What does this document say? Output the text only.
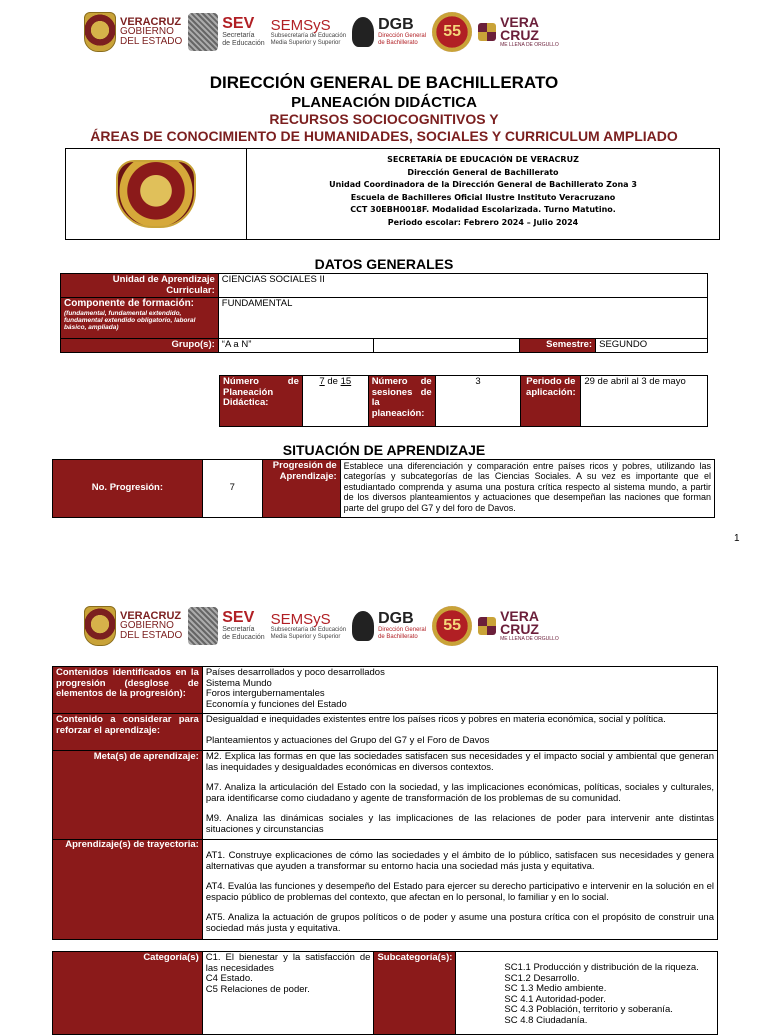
VERACRUZ
GOBIERNO
DEL ESTADO
SEV
Secretaría
de Educación
SEMSyS
Subsecretaría de Educación
Media Superior y Superior
DGB
Dirección General
de Bachillerato
55
VERA
CRUZ
ME LLENA DE ORGULLO
DIRECCIÓN GENERAL DE BACHILLERATO
PLANEACIÓN DIDÁCTICA
RECURSOS SOCIOCOGNITIVOS Y
ÁREAS DE CONOCIMIENTO DE HUMANIDADES, SOCIALES Y CURRICULUM AMPLIADO
SECRETARÍA DE EDUCACIÓN DE VERACRUZ
Dirección General de Bachillerato
Unidad Coordinadora de la Dirección General de Bachillerato Zona 3
Escuela de Bachilleres Oficial Ilustre Instituto Veracruzano
CCT 30EBH0018F. Modalidad Escolarizada. Turno Matutino.
Periodo escolar: Febrero 2024 – Julio 2024
DATOS GENERALES
Unidad de Aprendizaje Curricular:	CIENCIAS SOCIALES II			

Componente de formación:
(fundamental, fundamental extendido, fundamental extendido obligatorio, laboral básico, ampliada)	FUNDAMENTAL			
Grupo(s):	“A a N”		Semestre:	SEGUNDO
Número de Planeación Didáctica:	7 de 15	Número de sesiones de la planeación:	3	Periodo de aplicación:	29 de abril al 3 de mayo
SITUACIÓN DE APRENDIZAJE
No. Progresión:	7	Progresión de Aprendizaje:	Establece una diferenciación y comparación entre países ricos y pobres, utilizando las categorías y subcategorías de las Ciencias Sociales. A su vez es importante que el estudiantado comprenda y asuma una postura crítica respecto al sistema mundo, a partir de los diversos planteamientos y actuaciones que desempeñan las naciones que forman parte del grupo del G7 y del foro de Davos.
1
VERACRUZ
GOBIERNO
DEL ESTADO
SEV
Secretaría
de Educación
SEMSyS
Subsecretaría de Educación
Media Superior y Superior
DGB
Dirección General
de Bachillerato
55
VERA
CRUZ
ME LLENA DE ORGULLO
Contenidos identificados en la progresión (desglose de elementos de la progresión):	Países desarrollados y poco desarrollados
Sistema Mundo
Foros intergubernamentales
Economía y funciones del Estado

Contenido a considerar para reforzar el aprendizaje:	Desigualdad e inequidades existentes entre los países ricos y pobres en materia económica, social y política.

Planteamientos y actuaciones del Grupo del G7 y el Foro de Davos

Meta(s) de aprendizaje:	M2. Explica las formas en que las sociedades satisfacen sus necesidades y el impacto social y ambiental que generan las inequidades y desigualdades económicas en diversos contextos.

M7. Analiza la articulación del Estado con la sociedad, y las implicaciones económicas, políticas, sociales y culturales, para identificarse como ciudadano y agente de transformación de los problemas de su comunidad.

M9. Analiza las dinámicas sociales y las implicaciones de las relaciones de poder para intervenir ante distintas situaciones y circunstancias

Aprendizaje(s) de trayectoria:	AT1. Construye explicaciones de cómo las sociedades y el ámbito de lo público, satisfacen sus necesidades y genera alternativas que ayuden a transformar su entorno hacia una sociedad más justa y equitativa.

AT4. Evalúa las funciones y desempeño del Estado para ejercer su derecho participativo e intervenir en la solución en el espacio público de problemas del contexto, que afectan en lo personal, lo familiar y en lo social.

AT5. Analiza la actuación de grupos políticos o de poder y asume una postura crítica con el propósito de construir una sociedad más justa y equitativa.

Categoría(s)	C1. El bienestar y la satisfacción de las necesidades
C4 Estado.
C5 Relaciones de poder.
	Subcategoría(s):	
SC1.1 Producción y distribución de la riqueza.
SC1.2 Desarrollo.
SC 1.3 Medio ambiente.
SC 4.1 Autoridad-poder.
SC 4.3 Población, territorio y soberanía.
SC 4.8 Ciudadanía.
